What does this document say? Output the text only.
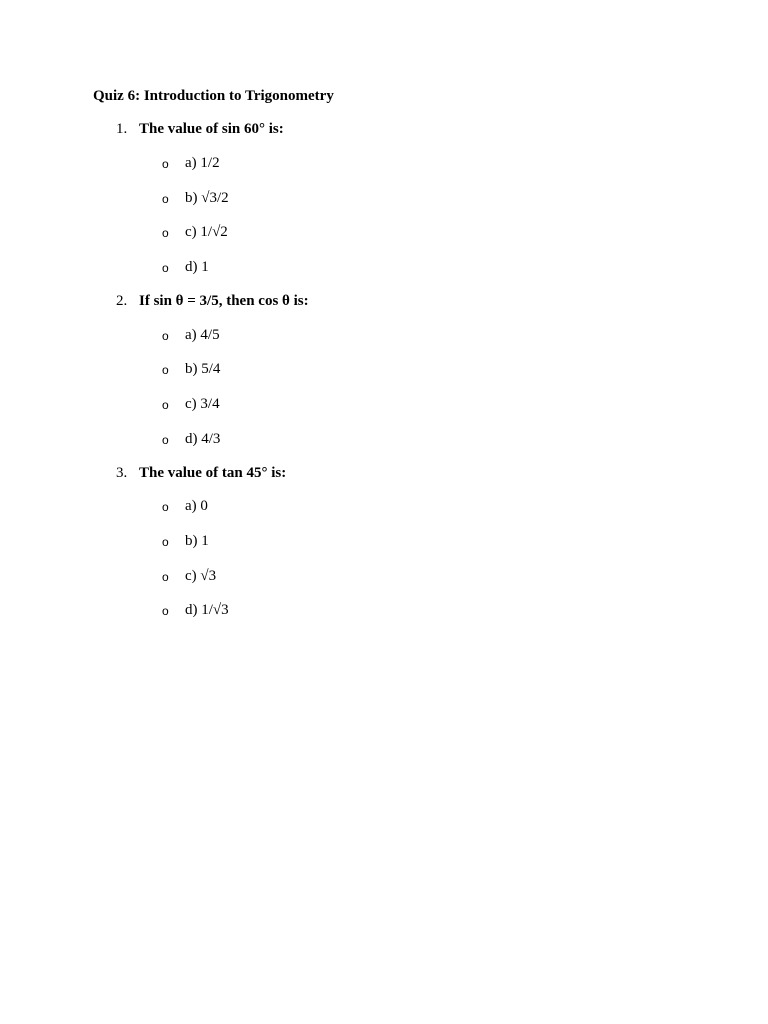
Quiz 6: Introduction to Trigonometry
1. The value of sin 60° is:
o a) 1/2
o b) √3/2
o c) 1/√2
o d) 1
2. If sin θ = 3/5, then cos θ is:
o a) 4/5
o b) 5/4
o c) 3/4
o d) 4/3
3. The value of tan 45° is:
o a) 0
o b) 1
o c) √3
o d) 1/√3
